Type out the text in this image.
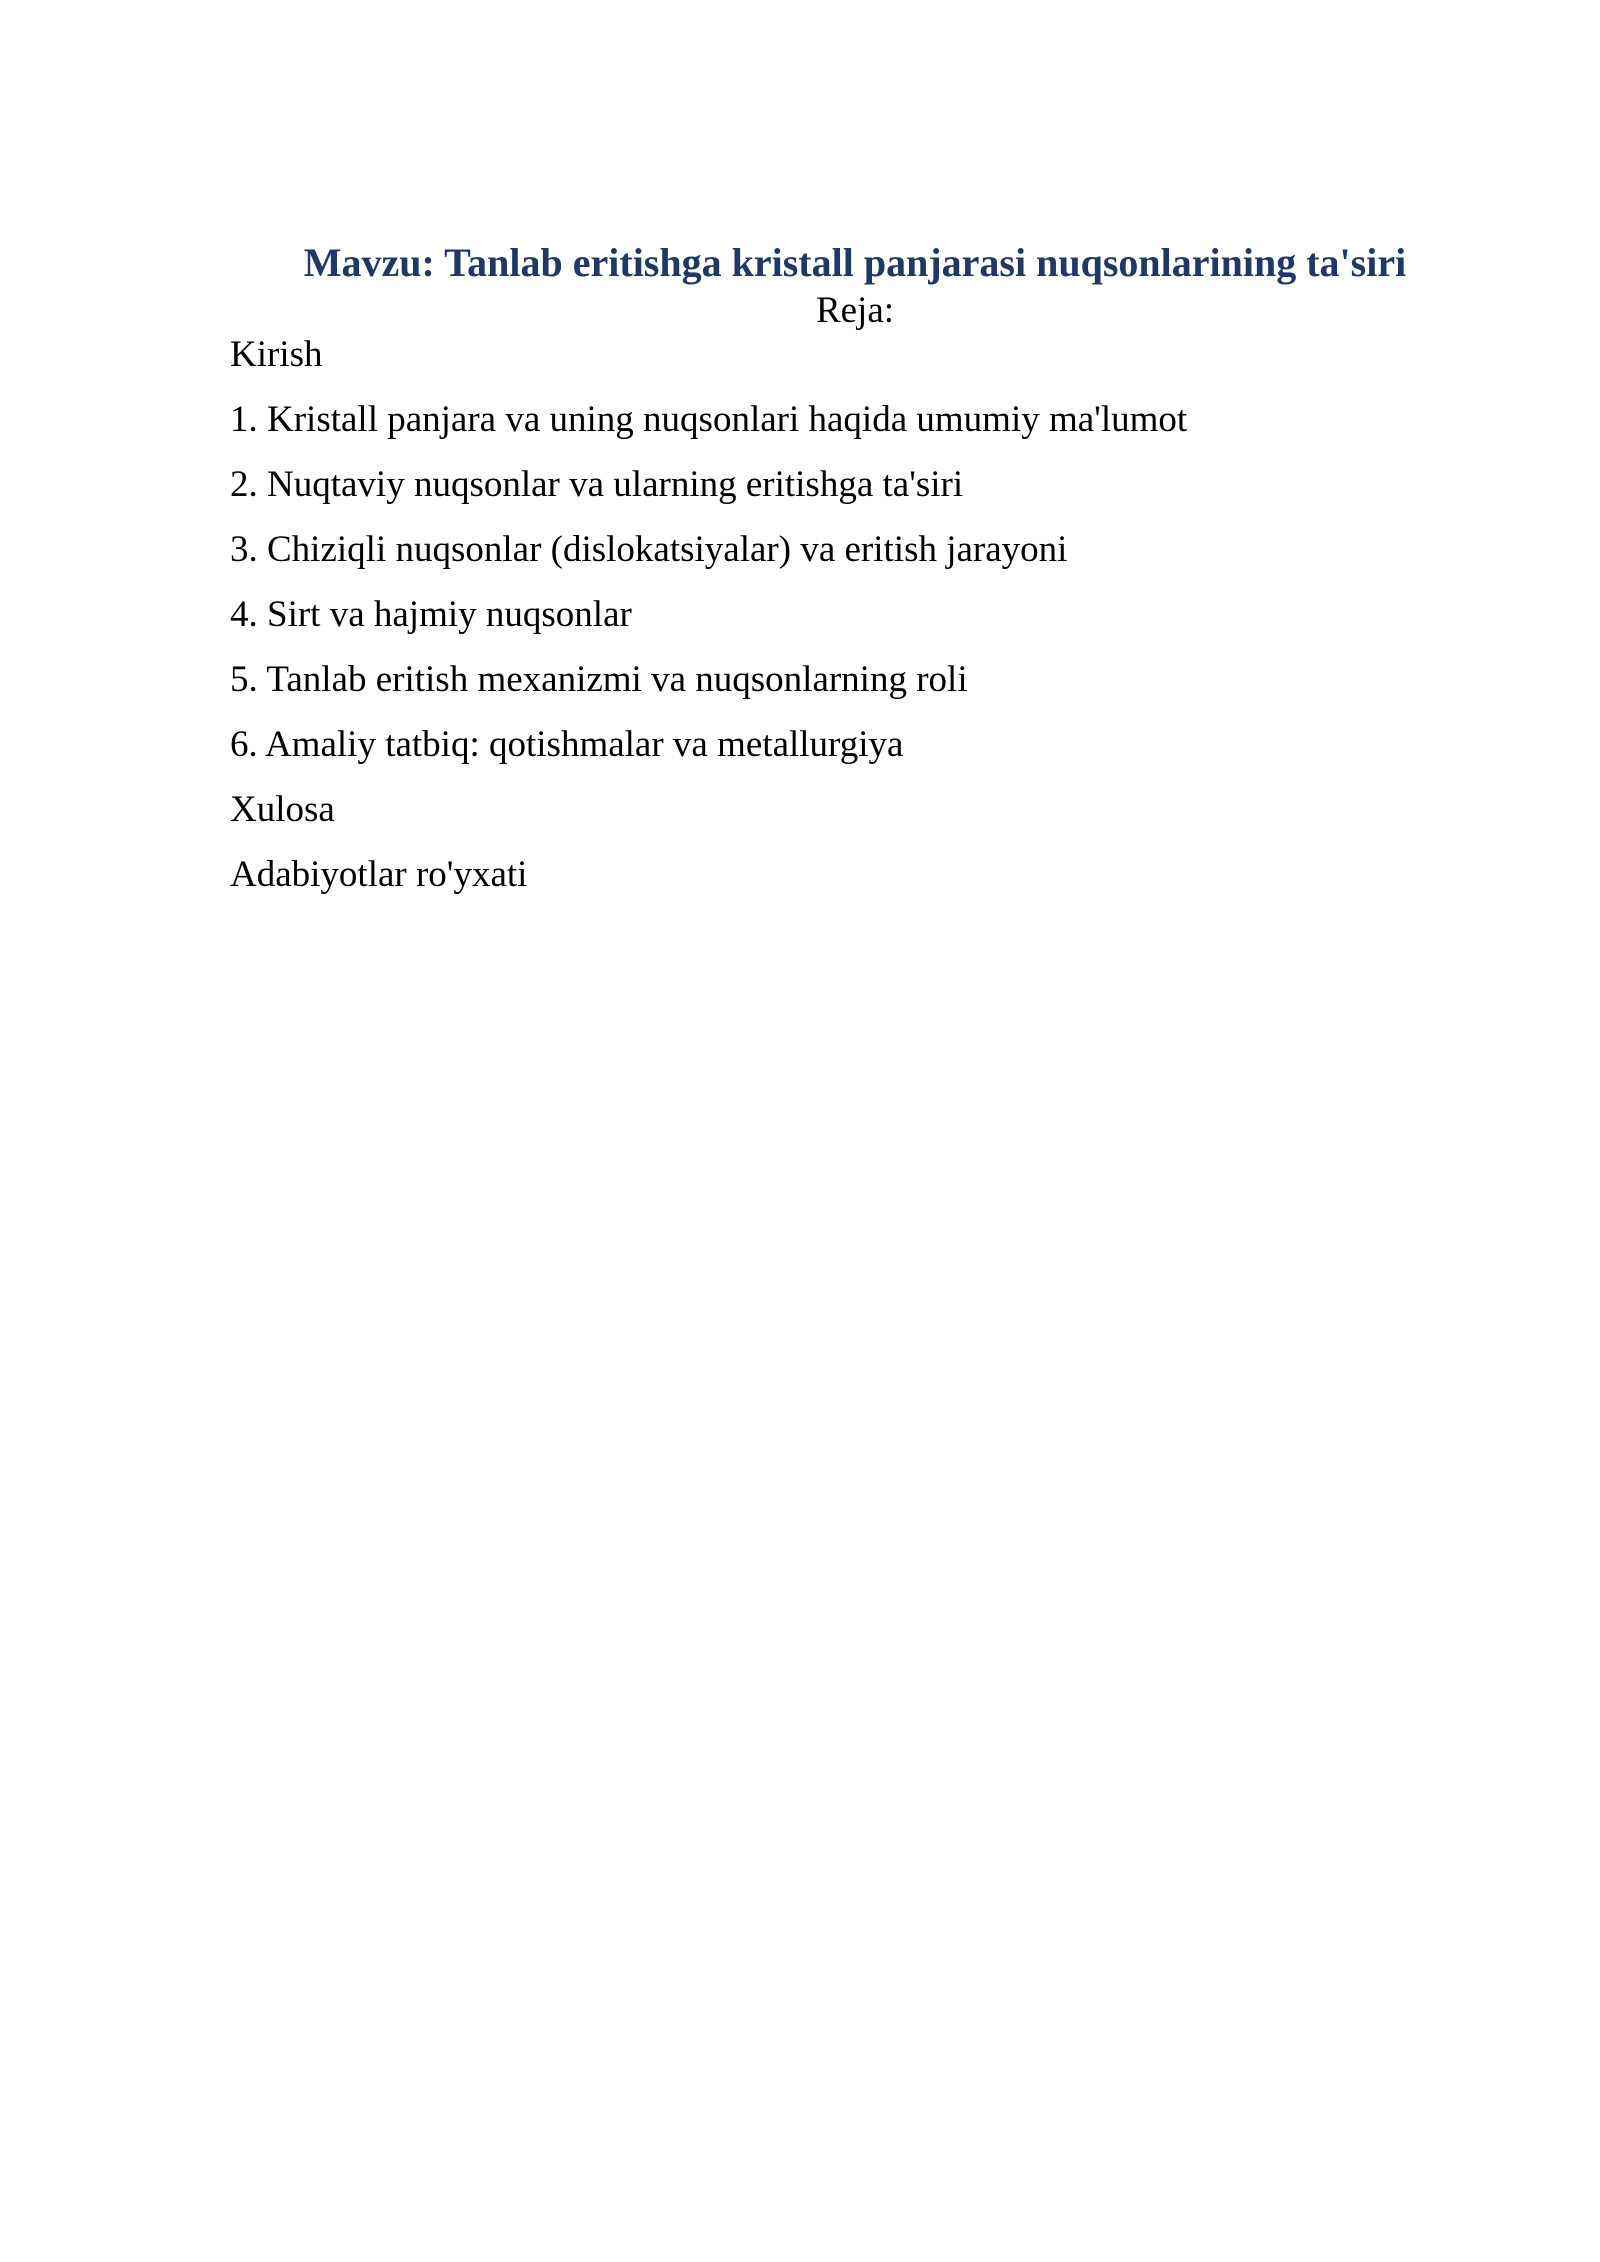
Mavzu: Tanlab eritishga kristall panjarasi nuqsonlarining ta'siri

Reja:

Kirish
1. Kristall panjara va uning nuqsonlari haqida umumiy ma'lumot
2. Nuqtaviy nuqsonlar va ularning eritishga ta'siri
3. Chiziqli nuqsonlar (dislokatsiyalar) va eritish jarayoni
4. Sirt va hajmiy nuqsonlar
5. Tanlab eritish mexanizmi va nuqsonlarning roli
6. Amaliy tatbiq: qotishmalar va metallurgiya
Xulosa
Adabiyotlar ro'yxati
